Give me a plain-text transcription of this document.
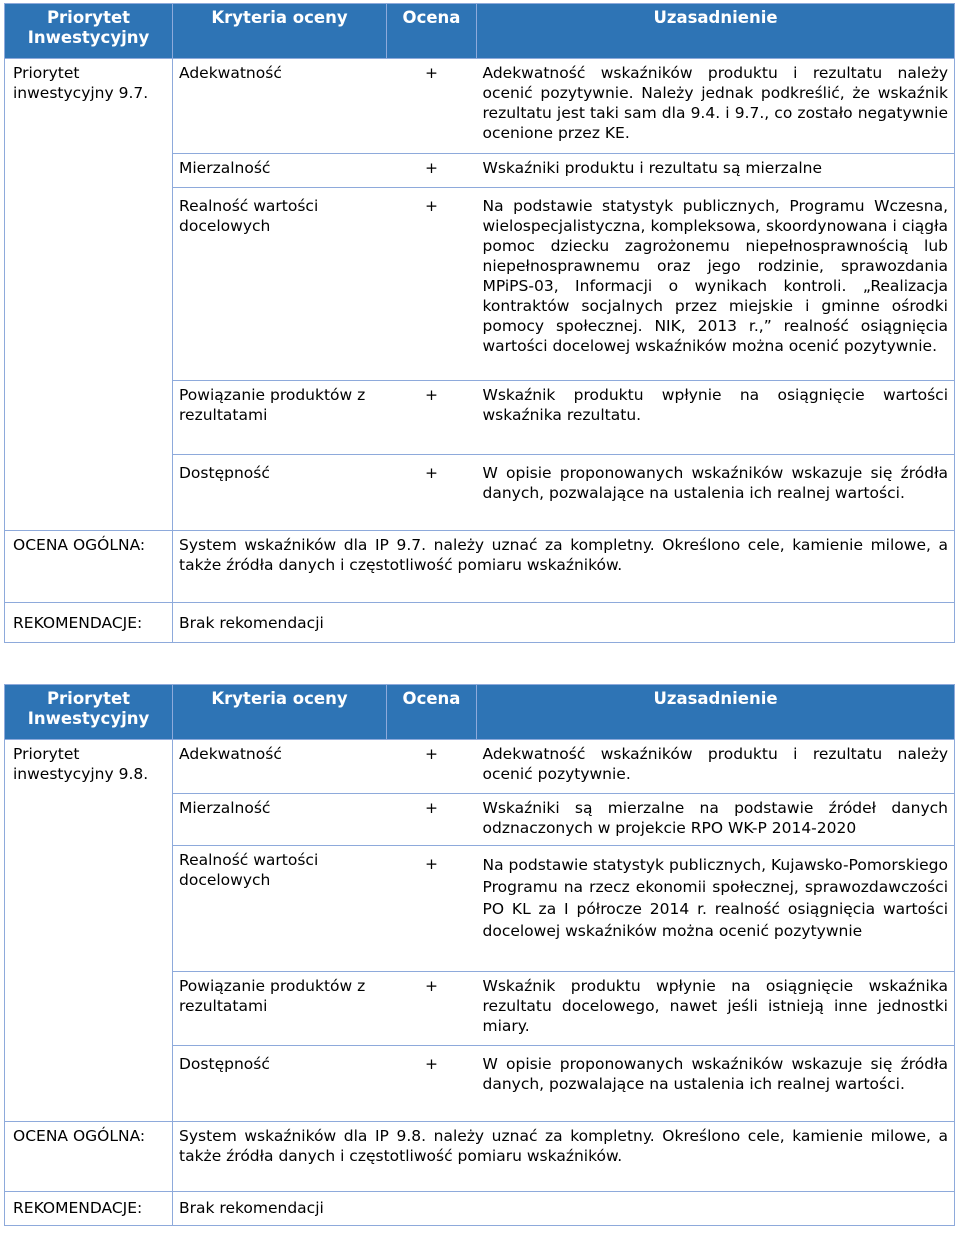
Priorytet Inwestycyjny	Kryteria oceny	Ocena	Uzasadnienie
Priorytet inwestycyjny 9.7.	Adekwatność	+	Adekwatność wskaźników produktu i rezultatu należy ocenić pozytywnie. Należy jednak podkreślić, że wskaźnik rezultatu jest taki sam dla 9.4. i 9.7., co zostało negatywnie ocenione przez KE.
	Mierzalność	+	Wskaźniki produktu i rezultatu są mierzalne
	Realność wartości docelowych	+	Na podstawie statystyk publicznych, Programu Wczesna, wielospecjalistyczna, kompleksowa, skoordynowana i ciągła pomoc dziecku zagrożonemu niepełnosprawnością lub niepełnosprawnemu oraz jego rodzinie, sprawozdania MPiPS-03, Informacji o wynikach kontroli. „Realizacja kontraktów socjalnych przez miejskie i gminne ośrodki pomocy społecznej. NIK, 2013 r.,” realność osiągnięcia wartości docelowej wskaźników można ocenić pozytywnie.
	Powiązanie produktów z rezultatami	+	Wskaźnik produktu wpłynie na osiągnięcie wartości wskaźnika rezultatu.
	Dostępność	+	W opisie proponowanych wskaźników wskazuje się źródła danych, pozwalające na ustalenia ich realnej wartości.
OCENA OGÓLNA:	System wskaźników dla IP 9.7. należy uznać za kompletny. Określono cele, kamienie milowe, a także źródła danych i częstotliwość pomiaru wskaźników.		
REKOMENDACJE:	Brak rekomendacji		
Priorytet Inwestycyjny	Kryteria oceny	Ocena	Uzasadnienie
Priorytet inwestycyjny 9.8.	Adekwatność	+	Adekwatność wskaźników produktu i rezultatu należy ocenić pozytywnie.
	Mierzalność	+	Wskaźniki są mierzalne na podstawie źródeł danych odznaczonych w projekcie RPO WK-P 2014-2020
	Realność wartości docelowych	+	Na podstawie statystyk publicznych, Kujawsko-Pomorskiego Programu na rzecz ekonomii społecznej, sprawozdawczości PO KL za I półrocze 2014 r. realność osiągnięcia wartości docelowej wskaźników można ocenić pozytywnie
	Powiązanie produktów z rezultatami	+	Wskaźnik produktu wpłynie na osiągnięcie wskaźnika rezultatu docelowego, nawet jeśli istnieją inne jednostki miary.
	Dostępność	+	W opisie proponowanych wskaźników wskazuje się źródła danych, pozwalające na ustalenia ich realnej wartości.
OCENA OGÓLNA:	System wskaźników dla IP 9.8. należy uznać za kompletny. Określono cele, kamienie milowe, a także źródła danych i częstotliwość pomiaru wskaźników.		
REKOMENDACJE:	Brak rekomendacji		
